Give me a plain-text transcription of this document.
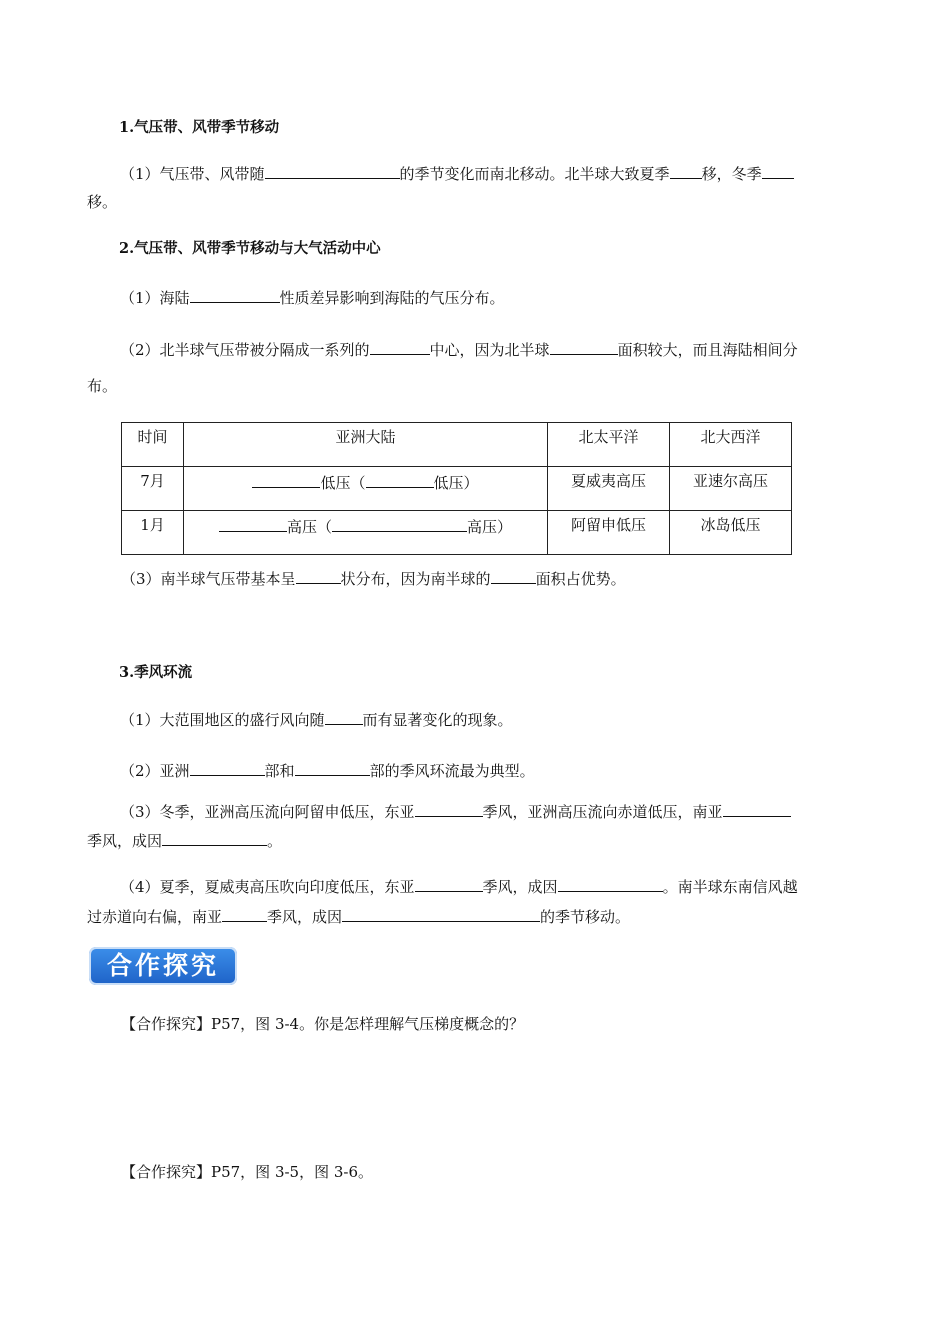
1.气压带、风带季节移动
（1）气压带、风带随	的季节变化而南北移动。北半球大致夏季 移，冬季
移。
2.气压带、风带季节移动与大气活动中心
（1）海陆	性质差异影响到海陆的气压分布。
（2）北半球气压带被分隔成一系列的	中心，因为北半球	面积较大，而且海陆相间分
布。
时间	亚洲大陆	北太平洋	北大西洋

7月	低压（ 低压）	夏威夷高压	亚速尔高压

1月	高压（ 高压）	阿留申低压	冰岛低压
（3）南半球气压带基本呈	状分布，因为南半球的	面积占优势。
3.季风环流
（1）大范围地区的盛行风向随	而有显著变化的现象。
（2）亚洲	部和	部的季风环流最为典型。
（3）冬季，亚洲高压流向阿留申低压，东亚	季风，亚洲高压流向赤道低压，南亚
季风，成因	。
（4）夏季，夏威夷高压吹向印度低压，东亚	季风，成因	。南半球东南信风越
过赤道向右偏，南亚	季风，成因	的季节移动。
合作探究
【合作探究】P57，图 3-4。你是怎样理解气压梯度概念的？
【合作探究】P57，图 3-5，图 3-6。
